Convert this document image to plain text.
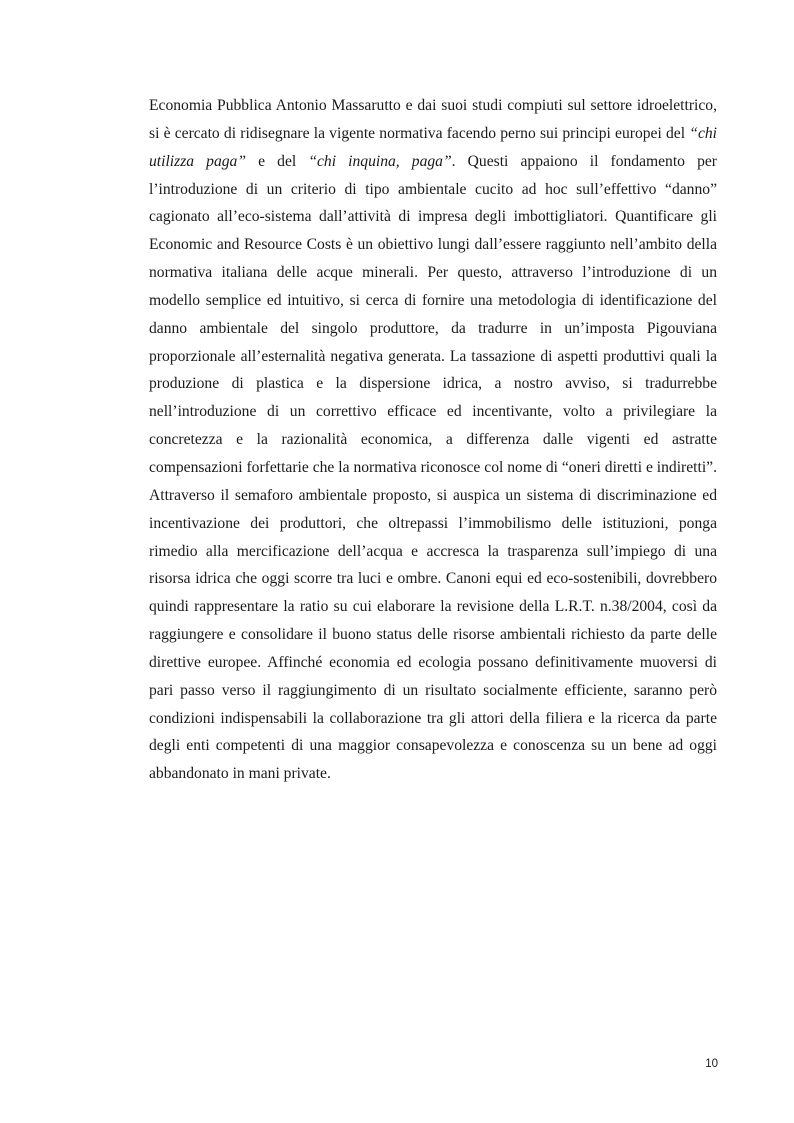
Economia Pubblica Antonio Massarutto e dai suoi studi compiuti sul settore idroelettrico, si è cercato di ridisegnare la vigente normativa facendo perno sui principi europei del “chi utilizza paga” e del “chi inquina, paga”. Questi appaiono il fondamento per l’introduzione di un criterio di tipo ambientale cucito ad hoc sull’effettivo “danno” cagionato all’eco-sistema dall’attività di impresa degli imbottigliatori. Quantificare gli Economic and Resource Costs è un obiettivo lungi dall’essere raggiunto nell’ambito della normativa italiana delle acque minerali. Per questo, attraverso l’introduzione di un modello semplice ed intuitivo, si cerca di fornire una metodologia di identificazione del danno ambientale del singolo produttore, da tradurre in un’imposta Pigouviana proporzionale all’esternalità negativa generata. La tassazione di aspetti produttivi quali la produzione di plastica e la dispersione idrica, a nostro avviso, si tradurrebbe nell’introduzione di un correttivo efficace ed incentivante, volto a privilegiare la concretezza e la razionalità economica, a differenza dalle vigenti ed astratte compensazioni forfettarie che la normativa riconosce col nome di “oneri diretti e indiretti”. Attraverso il semaforo ambientale proposto, si auspica un sistema di discriminazione ed incentivazione dei produttori, che oltrepassi l’immobilismo delle istituzioni, ponga rimedio alla mercificazione dell’acqua e accresca la trasparenza sull’impiego di una risorsa idrica che oggi scorre tra luci e ombre. Canoni equi ed eco-sostenibili, dovrebbero quindi rappresentare la ratio su cui elaborare la revisione della L.R.T. n.38/2004, così da raggiungere e consolidare il buono status delle risorse ambientali richiesto da parte delle direttive europee. Affinché economia ed ecologia possano definitivamente muoversi di pari passo verso il raggiungimento di un risultato socialmente efficiente, saranno però condizioni indispensabili la collaborazione tra gli attori della filiera e la ricerca da parte degli enti competenti di una maggior consapevolezza e conoscenza su un bene ad oggi abbandonato in mani private.

10
